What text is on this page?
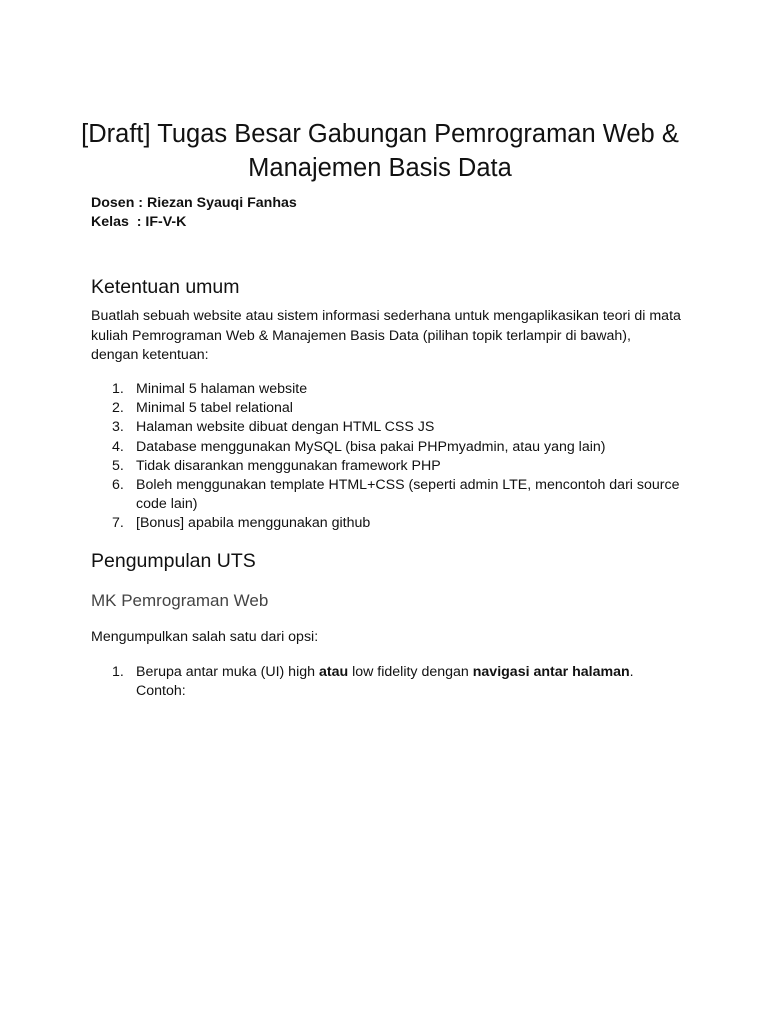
[Draft] Tugas Besar Gabungan Pemrograman Web & Manajemen Basis Data
Dosen : Riezan Syauqi Fanhas
Kelas  : IF-V-K
Ketentuan umum

Buatlah sebuah website atau sistem informasi sederhana untuk mengaplikasikan teori di mata kuliah Pemrograman Web & Manajemen Basis Data (pilihan topik terlampir di bawah), dengan ketentuan:

1. Minimal 5 halaman website
2. Minimal 5 tabel relational
3. Halaman website dibuat dengan HTML CSS JS
4. Database menggunakan MySQL (bisa pakai PHPmyadmin, atau yang lain)
5. Tidak disarankan menggunakan framework PHP
6. Boleh menggunakan template HTML+CSS (seperti admin LTE, mencontoh dari source code lain)
7. [Bonus] apabila menggunakan github
Pengumpulan UTS
MK Pemrograman Web

Mengumpulkan salah satu dari opsi:

1. Berupa antar muka (UI) high atau low fidelity dengan navigasi antar halaman. Contoh:
